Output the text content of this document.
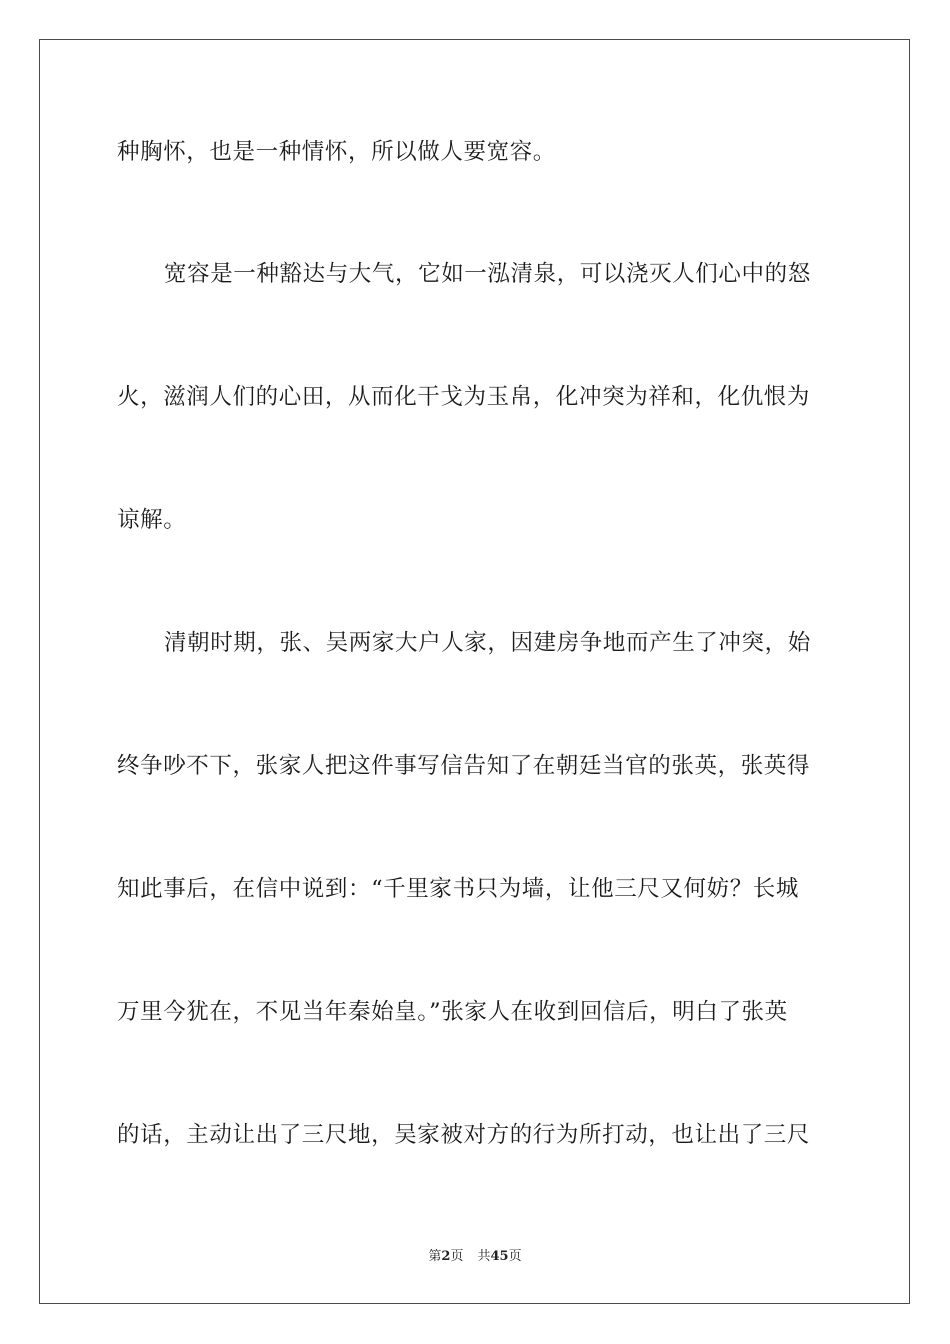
种胸怀，也是一种情怀，所以做人要宽容。
宽容是一种豁达与大气，它如一泓清泉，可以浇灭人们心中的怒
火，滋润人们的心田，从而化干戈为玉帛，化冲突为祥和，化仇恨为
谅解。
清朝时期，张、吴两家大户人家，因建房争地而产生了冲突，始
终争吵不下，张家人把这件事写信告知了在朝廷当官的张英，张英得
知此事后，在信中说到：“千里家书只为墙，让他三尺又何妨？长城
万里今犹在，不见当年秦始皇。”张家人在收到回信后，明白了张英
的话，主动让出了三尺地，吴家被对方的行为所打动，也让出了三尺
第2页 共45页
